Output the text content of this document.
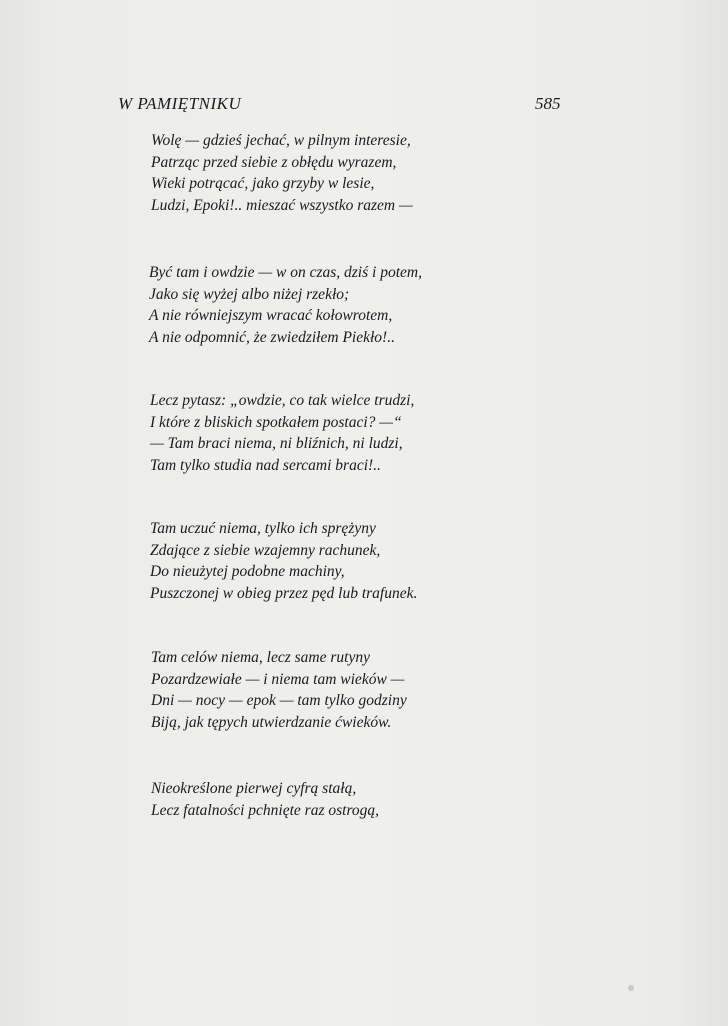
W PAMIĘTNIKU	585
Wolę — gdzieś jechać, w pilnym interesie,
Patrząc przed siebie z obłędu wyrazem,
Wieki potrącać, jako grzyby w lesie,
Ludzi, Epoki!.. mieszać wszystko razem —
Być tam i owdzie — w on czas, dziś i potem,
Jako się wyżej albo niżej rzekło;
A nie równiejszym wracać kołowrotem,
A nie odpomnić, że zwiedziłem Piekło!..
Lecz pytasz: „owdzie, co tak wielce trudzi,
I które z bliskich spotkałem postaci? —“
— Tam braci niema, ni bliźnich, ni ludzi,
Tam tylko studia nad sercami braci!..
Tam uczuć niema, tylko ich sprężyny
Zdające z siebie wzajemny rachunek,
Do nieużytej podobne machiny,
Puszczonej w obieg przez pęd lub trafunek.
Tam celów niema, lecz same rutyny
Pozardzewiałe — i niema tam wieków —
Dni — nocy — epok — tam tylko godziny
Biją, jak tępych utwierdzanie ćwieków.
Nieokreślone pierwej cyfrą stałą,
Lecz fatalności pchnięte raz ostrogą,
